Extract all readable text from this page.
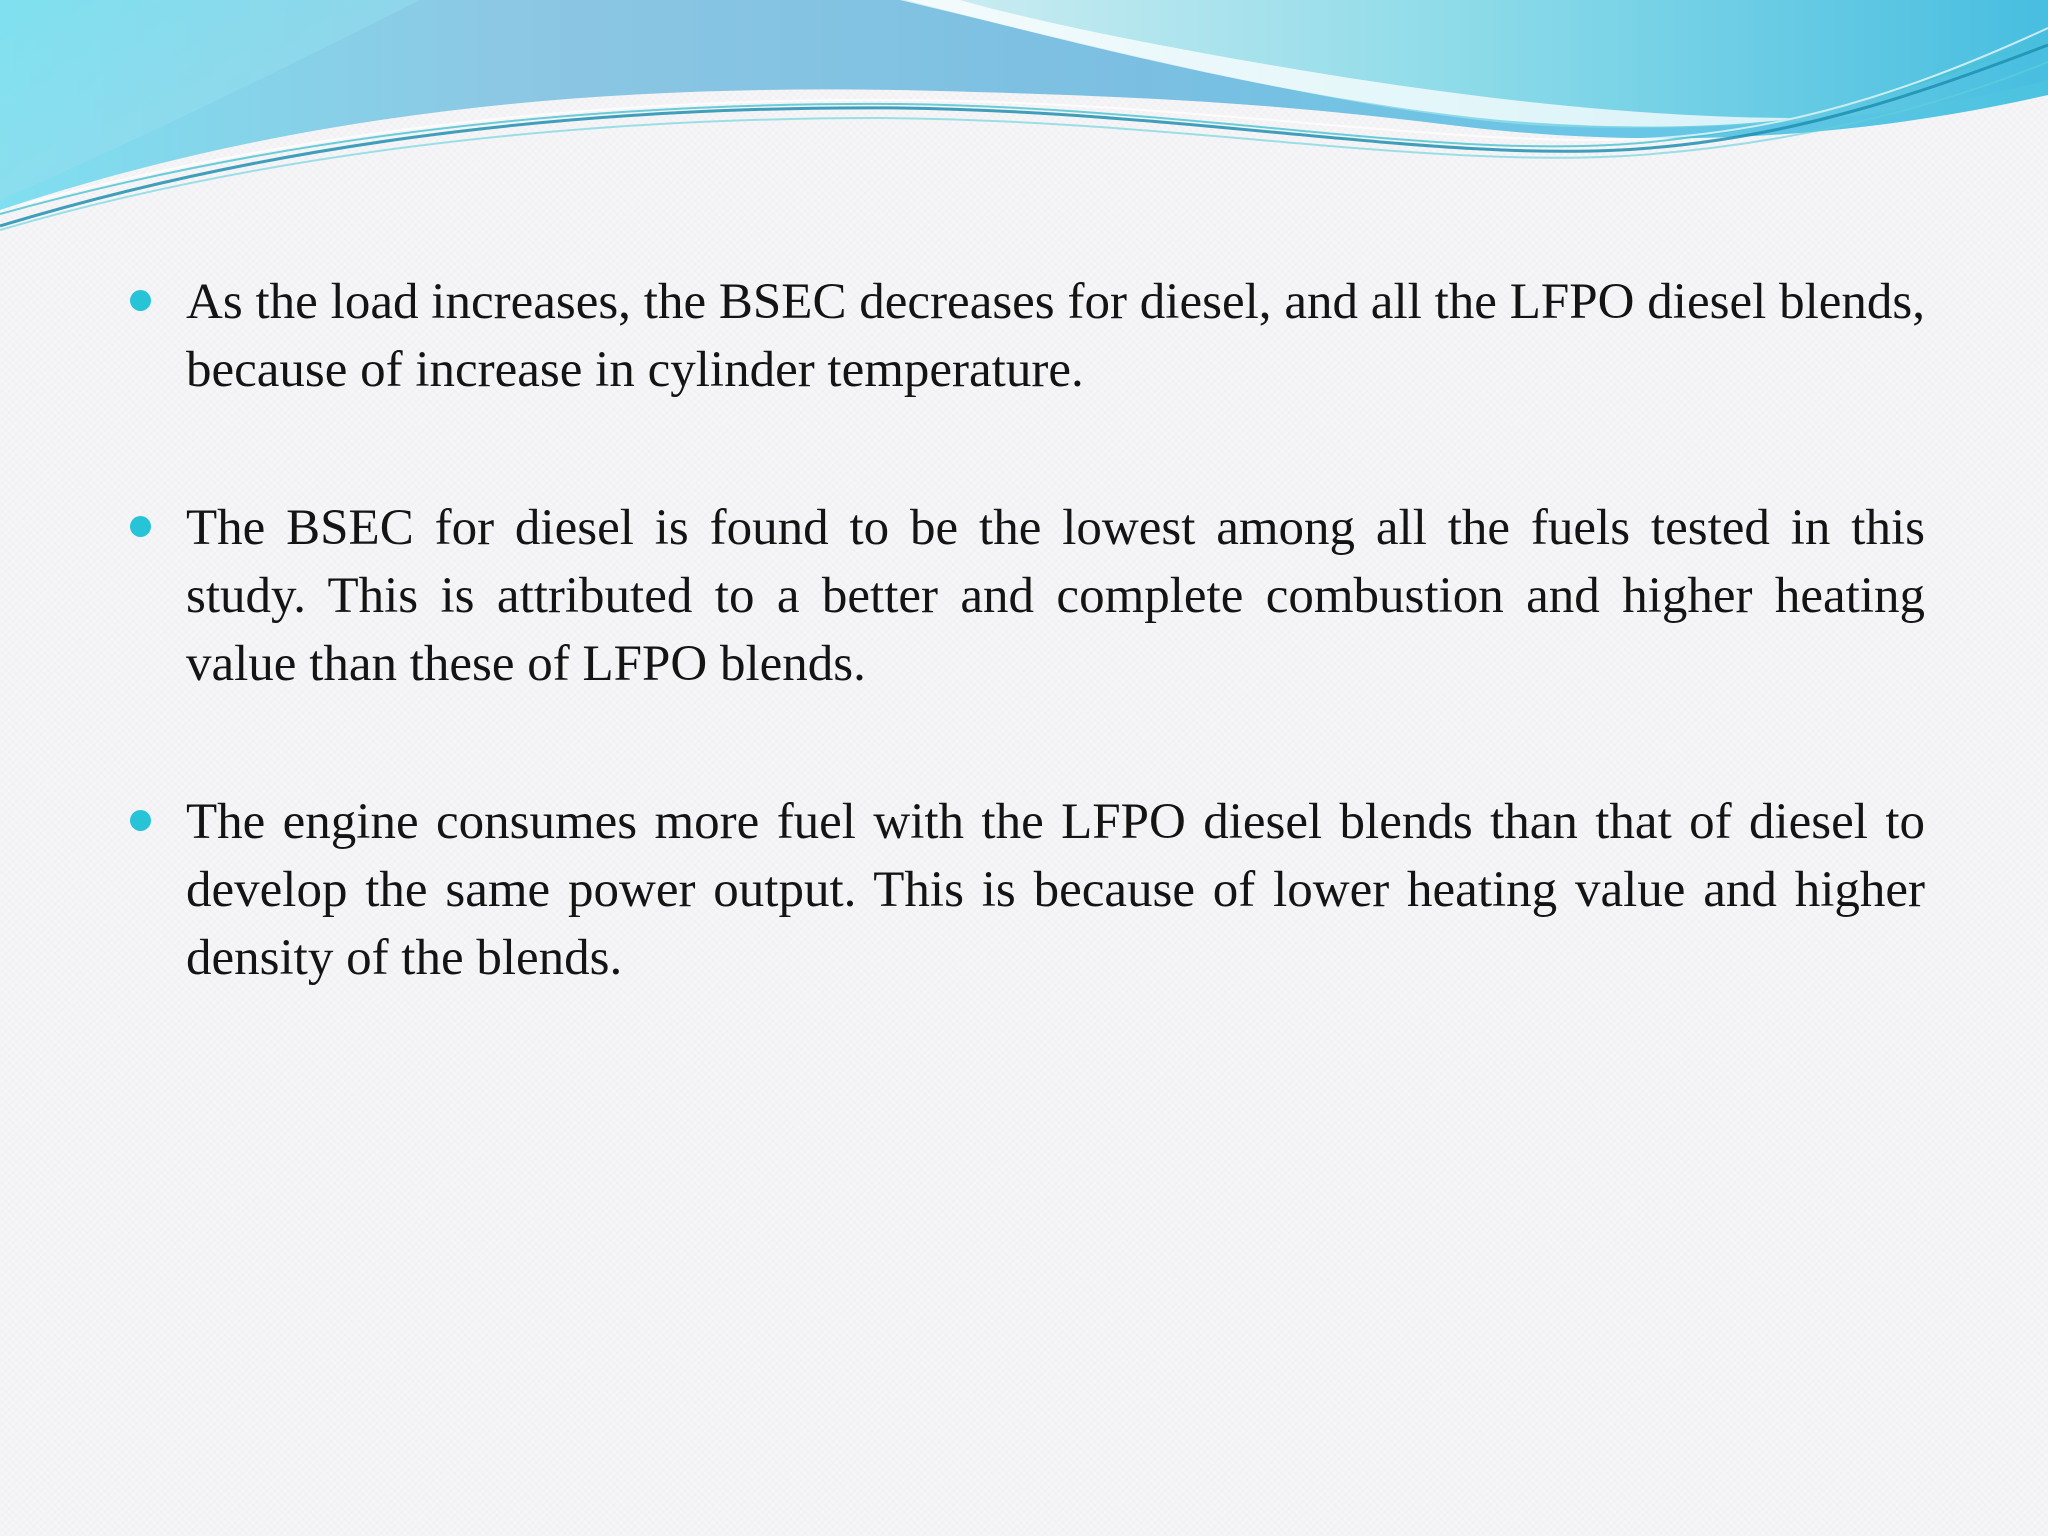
As the load increases, the BSEC decreases for diesel, and all the LFPO diesel blends, because of increase in cylinder temperature.
The BSEC for diesel is found to be the lowest among all the fuels tested in this study. This is attributed to a better and complete combustion and higher heating value than these of LFPO blends.
The engine consumes more fuel with the LFPO diesel blends than that of diesel to develop the same power output. This is because of lower heating value and higher density of the blends.
